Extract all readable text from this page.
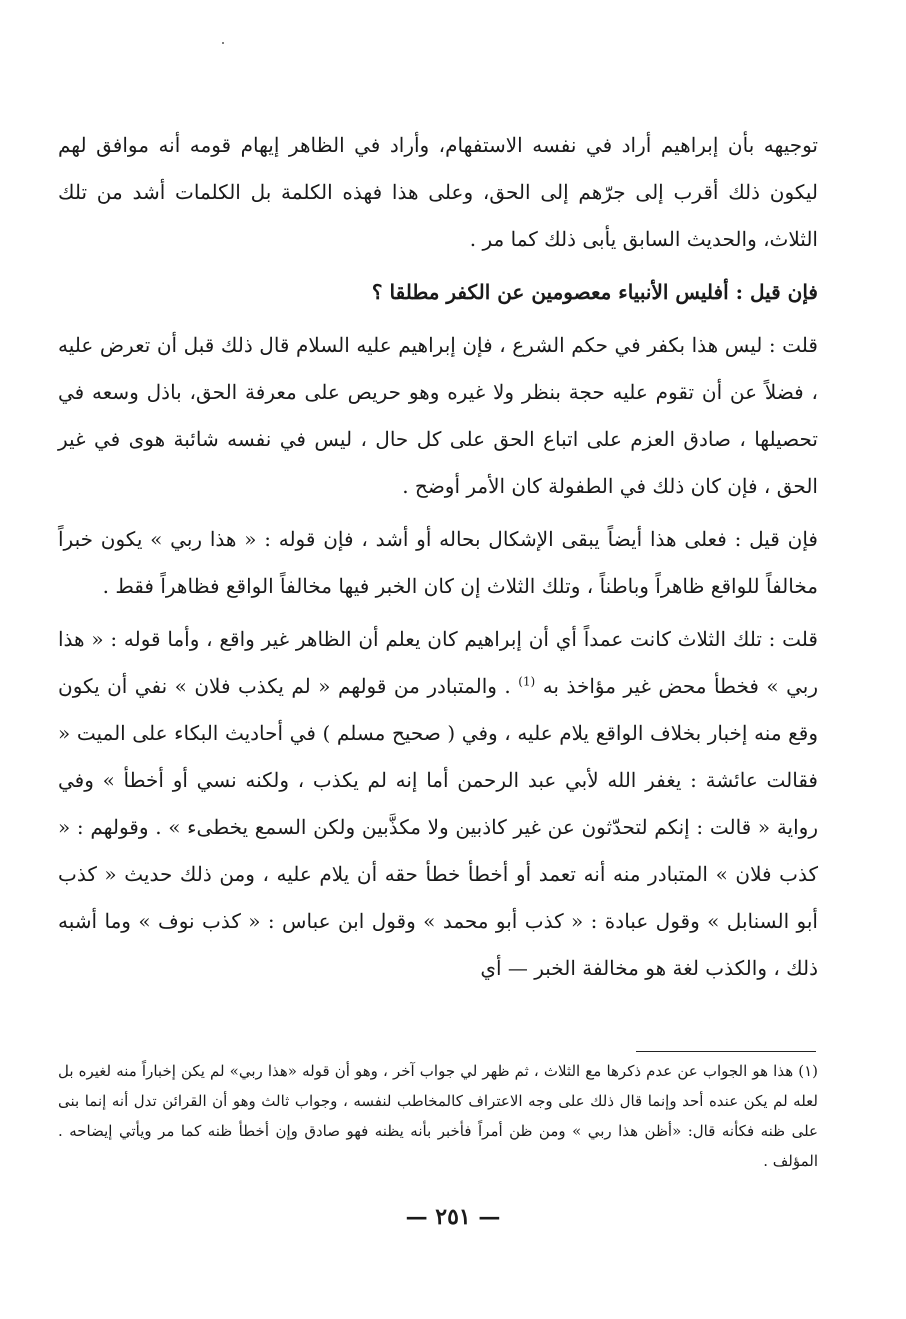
توجيهه بأن إبراهيم أراد في نفسه الاستفهام، وأراد في الظاهر إيهام قومه أنه موافق لهم ليكون ذلك أقرب إلى جرّهم إلى الحق، وعلى هذا فهذه الكلمة بل الكلمات أشد من تلك الثلاث، والحديث السابق يأبى ذلك كما مر .

فإن قيل : أفليس الأنبياء معصومين عن الكفر مطلقا ؟

قلت : ليس هذا بكفر في حكم الشرع ، فإن إبراهيم عليه السلام قال ذلك قبل أن تعرض عليه ، فضلاً عن أن تقوم عليه حجة بنظر ولا غيره وهو حريص على معرفة الحق، باذل وسعه في تحصيلها ، صادق العزم على اتباع الحق على كل حال ، ليس في نفسه شائبة هوى في غير الحق ، فإن كان ذلك في الطفولة كان الأمر أوضح .

فإن قيل : فعلى هذا أيضاً يبقى الإشكال بحاله أو أشد ، فإن قوله : « هذا ربي » يكون خبراً مخالفاً للواقع ظاهراً وباطناً ، وتلك الثلاث إن كان الخبر فيها مخالفاً الواقع فظاهراً فقط .

قلت : تلك الثلاث كانت عمداً أي أن إبراهيم كان يعلم أن الظاهر غير واقع ، وأما قوله : « هذا ربي » فخطأ محض غير مؤاخذ به $^{(1)}$ . والمتبادر من قولهم « لم يكذب فلان » نفي أن يكون وقع منه إخبار بخلاف الواقع يلام عليه ، وفي ( صحيح مسلم ) في أحاديث البكاء على الميت « فقالت عائشة : يغفر الله لأبي عبد الرحمن أما إنه لم يكذب ، ولكنه نسي أو أخطأ » وفي رواية « قالت : إنكم لتحدّثون عن غير كاذبين ولا مكذَّبين ولكن السمع يخطىء » . وقولهم : « كذب فلان » المتبادر منه أنه تعمد أو أخطأ خطأ حقه أن يلام عليه ، ومن ذلك حديث « كذب أبو السنابل » وقول عبادة : « كذب أبو محمد » وقول ابن عباس : « كذب نوف » وما أشبه ذلك ، والكذب لغة هو مخالفة الخبر — أي

(١) هذا هو الجواب عن عدم ذكرها مع الثلاث ، ثم ظهر لي جواب آخر ، وهو أن قوله «هذا ربي» لم يكن إخباراً منه لغيره بل لعله لم يكن عنده أحد وإنما قال ذلك على وجه الاعتراف كالمخاطب لنفسه ، وجواب ثالث وهو أن القرائن تدل أنه إنما بنى على ظنه فكأنه قال: «أظن هذا ربي » ومن ظن أمراً فأخبر بأنه يظنه فهو صادق وإن أخطأ ظنه كما مر ويأتي إيضاحه . المؤلف .

— ٢٥١ —
